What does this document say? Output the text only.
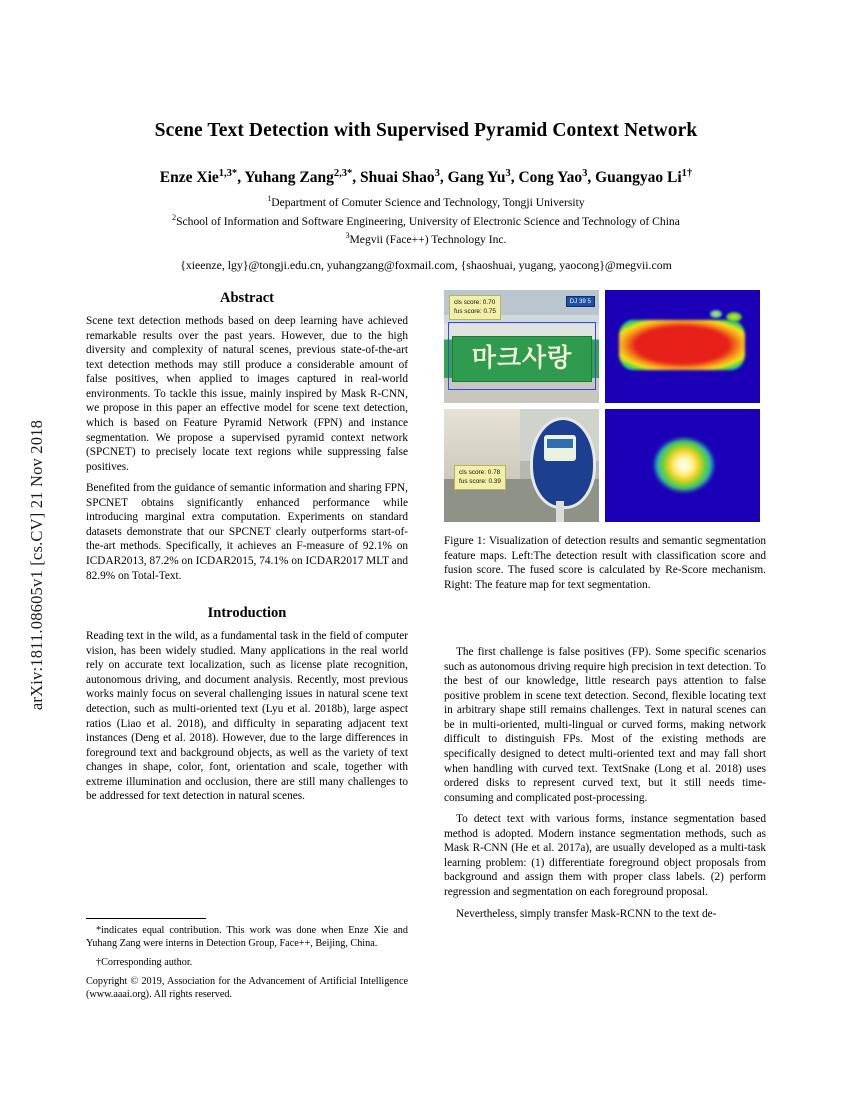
arXiv:1811.08605v1 [cs.CV] 21 Nov 2018
Scene Text Detection with Supervised Pyramid Context Network
Enze Xie$^{1,3*}$, Yuhang Zang$^{2,3*}$, Shuai Shao$^3$, Gang Yu$^3$, Cong Yao$^3$, Guangyao $Li^{1\dagger}$
$^1$Department of Comuter Science and Technology, Tongji University
$^2$School of Information and Software Engineering, University of Electronic Science and Technology of China
$^3$Megvii (Face++) Technology Inc.
{xieenze, lgy}@tongji.edu.cn, yuhangzang@foxmail.com, {shaoshuai, yugang, yaocong}@megvii.com
Abstract

Scene text detection methods based on deep learning have achieved remarkable results over the past years. However, due to the high diversity and complexity of natural scenes, previous state-of-the-art text detection methods may still produce a considerable amount of false positives, when applied to images captured in real-world environments. To tackle this issue, mainly inspired by Mask R-CNN, we propose in this paper an effective model for scene text detection, which is based on Feature Pyramid Network (FPN) and instance segmentation. We propose a supervised pyramid context network (SPCNET) to precisely locate text regions while suppressing false positives.

Benefited from the guidance of semantic information and sharing FPN, SPCNET obtains significantly enhanced performance while introducing marginal extra computation. Experiments on standard datasets demonstrate that our SPCNET clearly outperforms start-of-the-art methods. Specifically, it achieves an F-measure of 92.1% on ICDAR2013, 87.2% on ICDAR2015, 74.1% on ICDAR2017 MLT and 82.9% on Total-Text.

Introduction

Reading text in the wild, as a fundamental task in the field of computer vision, has been widely studied. Many applications in the real world rely on accurate text localization, such as license plate recognition, autonomous driving, and document analysis. Recently, most previous works mainly focus on several challenging issues in natural scene text detection, such as multi-oriented text (Lyu et al. 2018b), large aspect ratios (Liao et al. 2018), and difficulty in separating adjacent text instances (Deng et al. 2018). However, due to the large differences in foreground text and background objects, as well as the variety of text changes in shape, color, font, orientation and scale, together with extreme illumination and occlusion, there are still many challenges to be addressed for text detection in natural scenes.

마크사랑
cls score: 0.70
fus score: 0.75
DJ 39 5
cls score: 0.78
fus score: 0.39
Figure 1: Visualization of detection results and semantic segmentation feature maps. Left:The detection result with classification score and fusion score. The fused score is calculated by Re-Score mechanism. Right: The feature map for text segmentation.

The first challenge is false positives (FP). Some specific scenarios such as autonomous driving require high precision in text detection. To the best of our knowledge, little research pays attention to false positive problem in scene text detection. Second, flexible locating text in arbitrary shape still remains challenges. Text in natural scenes can be in multi-oriented, multi-lingual or curved forms, making network difficult to distinguish FPs. Most of the existing methods are specifically designed to detect multi-oriented text and may fall short when handling with curved text. TextSnake (Long et al. 2018) uses ordered disks to represent curved text, but it still needs time-consuming and complicated post-processing.

To detect text with various forms, instance segmentation based method is adopted. Modern instance segmentation methods, such as Mask R-CNN (He et al. 2017a), are usually developed as a multi-task learning problem: (1) differentiate foreground object proposals from background and assign them with proper class labels. (2) perform regression and segmentation on each foreground proposal.

Nevertheless, simply transfer Mask-RCNN to the text de-

*indicates equal contribution. This work was done when Enze Xie and Yuhang Zang were interns in Detection Group, Face++, Beijing, China.

†Corresponding author.

Copyright © 2019, Association for the Advancement of Artificial Intelligence (www.aaai.org). All rights reserved.
